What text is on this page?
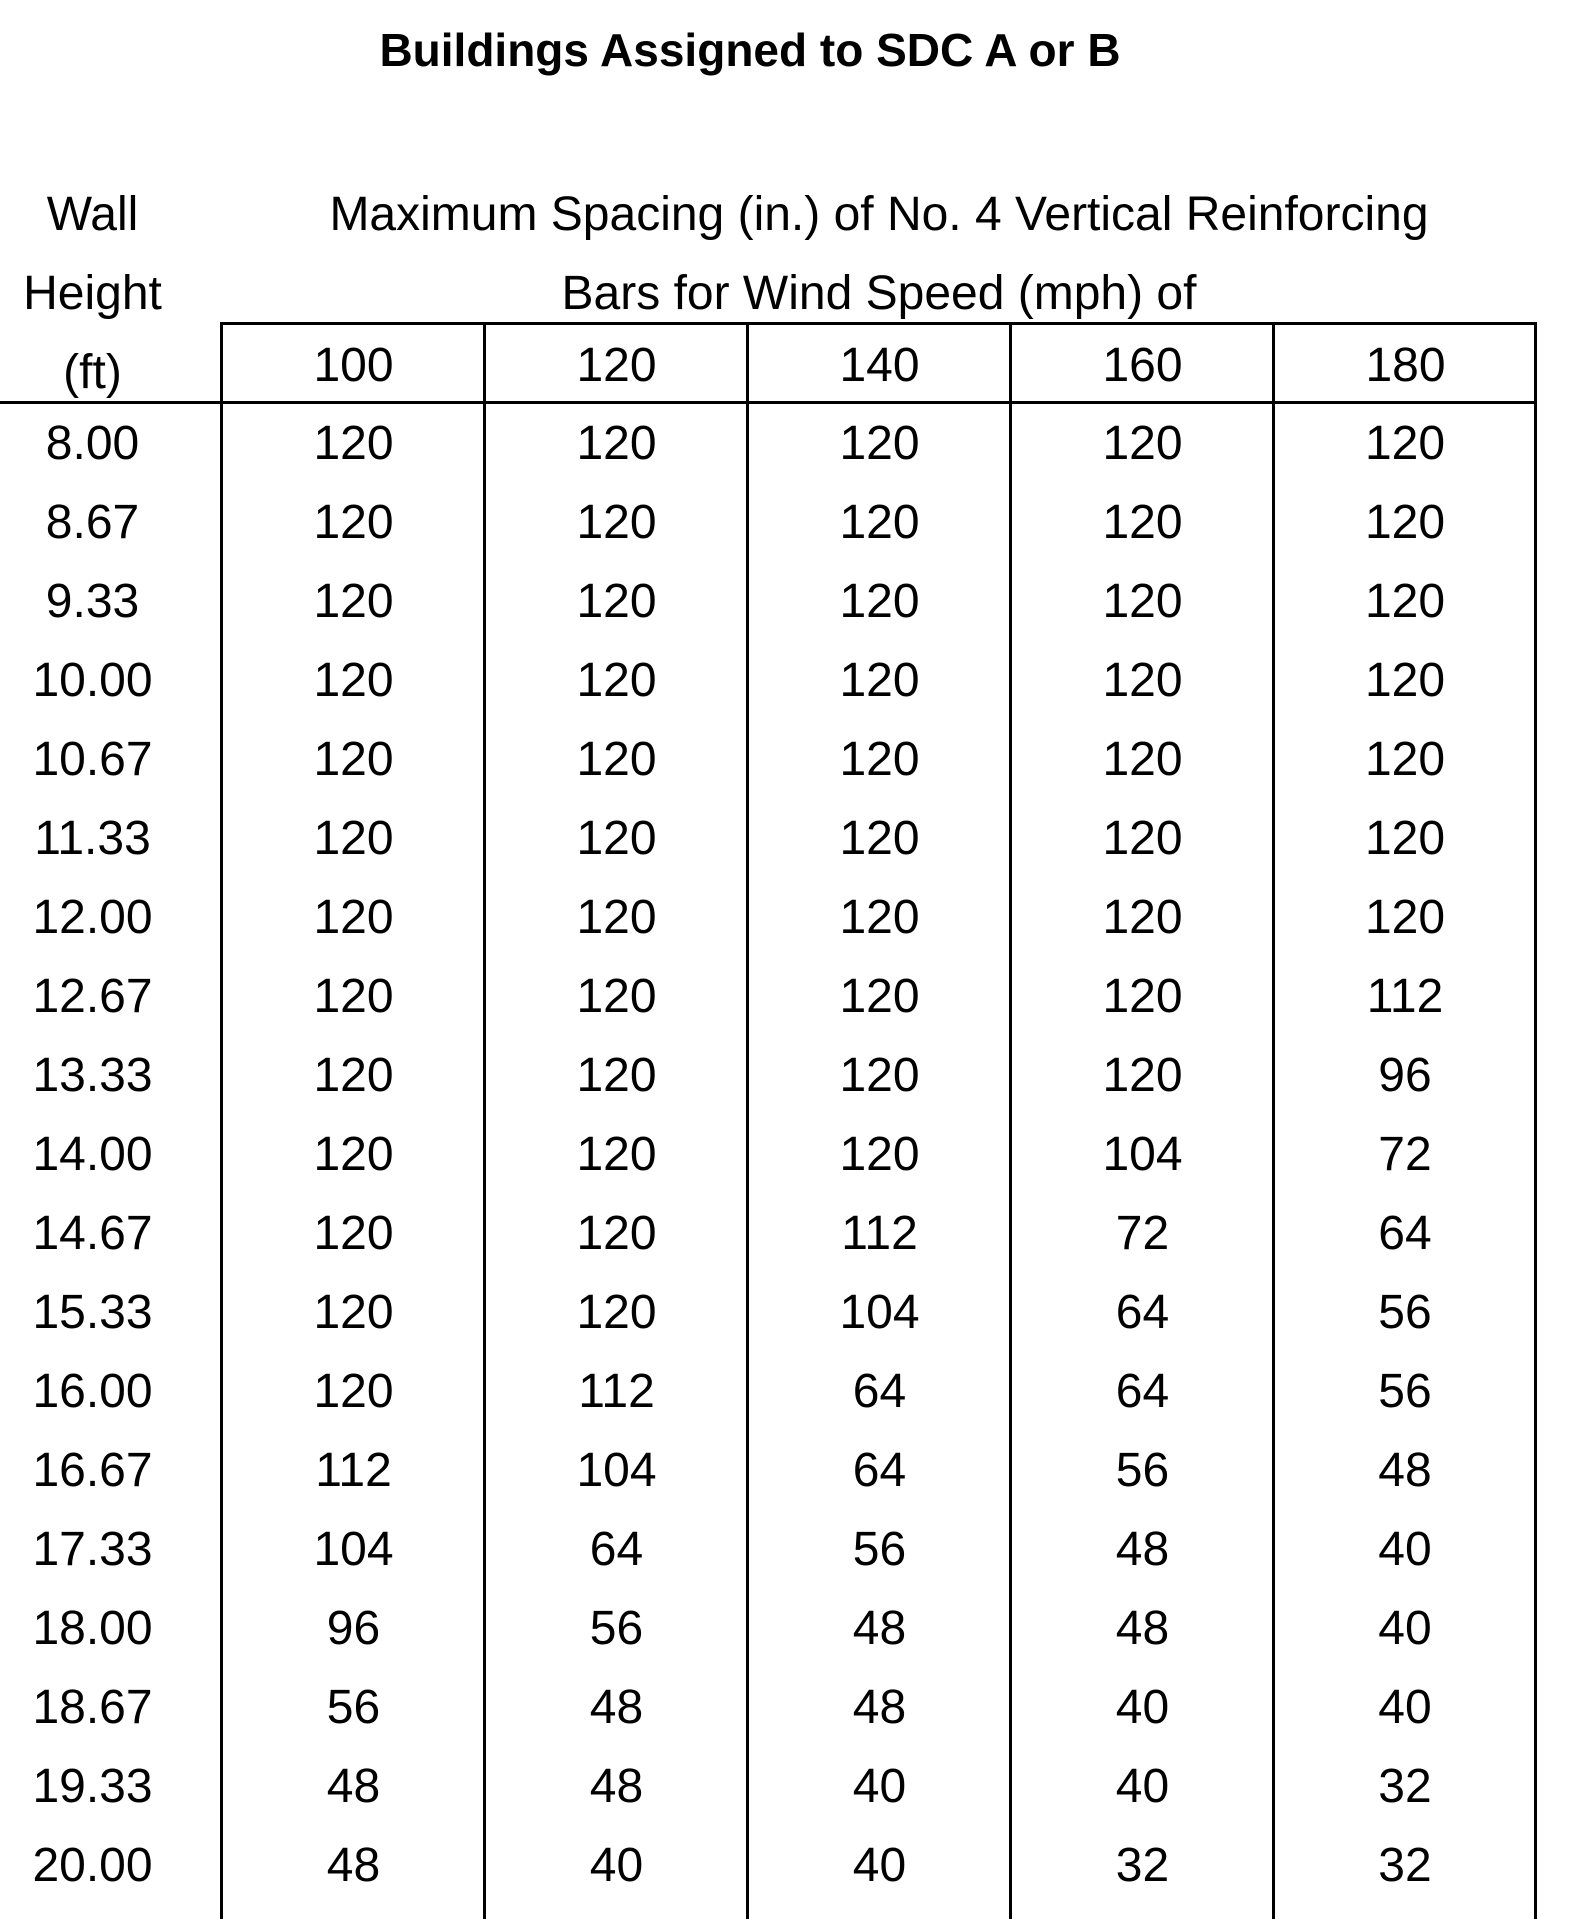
Buildings Assigned to SDC A or B
Wall
Height
(ft)
Maximum Spacing (in.) of No. 4 Vertical Reinforcing
Bars for Wind Speed (mph) of
100	120	140	160	180
8.00	120	120	120	120	120
8.67	120	120	120	120	120
9.33	120	120	120	120	120
10.00	120	120	120	120	120
10.67	120	120	120	120	120
11.33	120	120	120	120	120
12.00	120	120	120	120	120
12.67	120	120	120	120	112
13.33	120	120	120	120	96
14.00	120	120	120	104	72
14.67	120	120	112	72	64
15.33	120	120	104	64	56
16.00	120	112	64	64	56
16.67	112	104	64	56	48
17.33	104	64	56	48	40
18.00	96	56	48	48	40
18.67	56	48	48	40	40
19.33	48	48	40	40	32
20.00	48	40	40	32	32
